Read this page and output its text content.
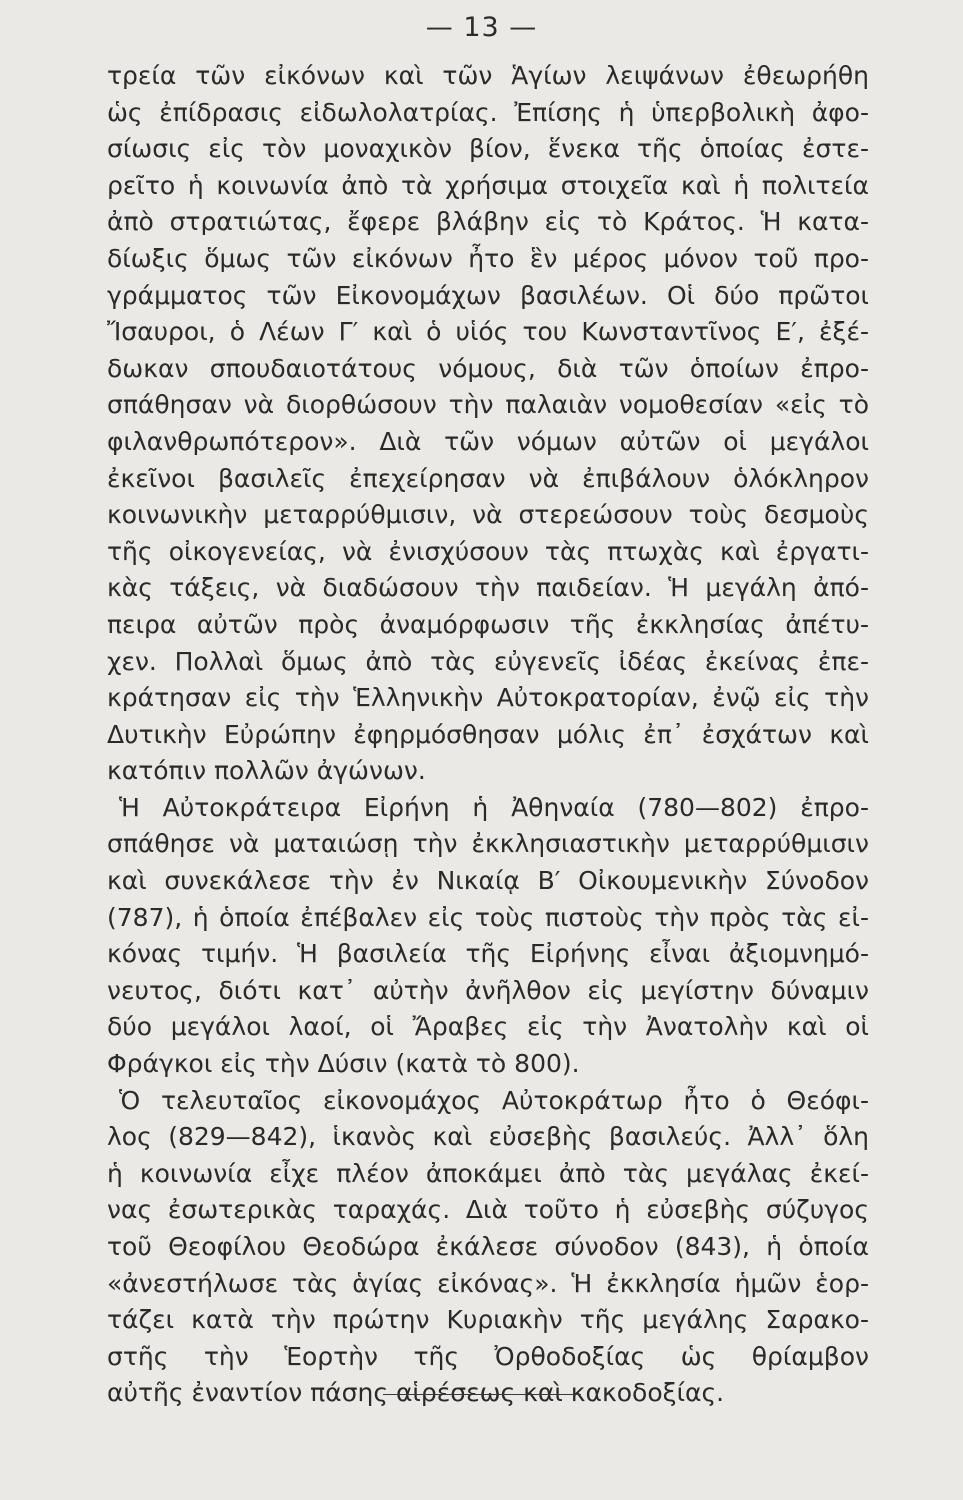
— 13 —
τρεία τῶν εἰκόνων καὶ τῶν Ἁγίων λειψάνων ἐθεωρήθη
ὡς ἐπίδρασις εἰδωλολατρίας. Ἐπίσης ἡ ὑπερβολικὴ ἀφο-
σίωσις εἰς τὸν μοναχικὸν βίον, ἕνεκα τῆς ὁποίας ἐστε-
ρεῖτο ἡ κοινωνία ἀπὸ τὰ χρήσιμα στοιχεῖα καὶ ἡ πολιτεία
ἀπὸ στρατιώτας, ἔφερε βλάβην εἰς τὸ Κράτος. Ἡ κατα-
δίωξις ὅμως τῶν εἰκόνων ἦτο ἓν μέρος μόνον τοῦ προ-
γράμματος τῶν Εἰκονομάχων βασιλέων. Οἱ δύο πρῶτοι
Ἴσαυροι, ὁ Λέων Γ′ καὶ ὁ υἱός του Κωνσταντῖνος Ε′, ἐξέ-
δωκαν σπουδαιοτάτους νόμους, διὰ τῶν ὁποίων ἐπρο-
σπάθησαν νὰ διορθώσουν τὴν παλαιὰν νομοθεσίαν «εἰς τὸ
φιλανθρωπότερον». Διὰ τῶν νόμων αὐτῶν οἱ μεγάλοι
ἐκεῖνοι βασιλεῖς ἐπεχείρησαν νὰ ἐπιβάλουν ὁλόκληρον
κοινωνικὴν μεταρρύθμισιν, νὰ στερεώσουν τοὺς δεσμοὺς
τῆς οἰκογενείας, νὰ ἐνισχύσουν τὰς πτωχὰς καὶ ἐργατι-
κὰς τάξεις, νὰ διαδώσουν τὴν παιδείαν. Ἡ μεγάλη ἀπό-
πειρα αὐτῶν πρὸς ἀναμόρφωσιν τῆς ἐκκλησίας ἀπέτυ-
χεν. Πολλαὶ ὅμως ἀπὸ τὰς εὐγενεῖς ἰδέας ἐκείνας ἐπε-
κράτησαν εἰς τὴν Ἑλληνικὴν Αὐτοκρατορίαν, ἐνῷ εἰς τὴν
Δυτικὴν Εὐρώπην ἐφηρμόσθησαν μόλις ἐπ᾽ ἐσχάτων καὶ
κατόπιν πολλῶν ἀγώνων.
Ἡ Αὐτοκράτειρα Εἰρήνη ἡ Ἀθηναία (780—802) ἐπρο-
σπάθησε νὰ ματαιώσῃ τὴν ἐκκλησιαστικὴν μεταρρύθμισιν
καὶ συνεκάλεσε τὴν ἐν Νικαίᾳ Β′ Οἰκουμενικὴν Σύνοδον
(787), ἡ ὁποία ἐπέβαλεν εἰς τοὺς πιστοὺς τὴν πρὸς τὰς εἰ-
κόνας τιμήν. Ἡ βασιλεία τῆς Εἰρήνης εἶναι ἀξιομνημό-
νευτος, διότι κατ᾽ αὐτὴν ἀνῆλθον εἰς μεγίστην δύναμιν
δύο μεγάλοι λαοί, οἱ Ἄραβες εἰς τὴν Ἀνατολὴν καὶ οἱ
Φράγκοι εἰς τὴν Δύσιν (κατὰ τὸ 800).
Ὁ τελευταῖος εἰκονομάχος Αὐτοκράτωρ ἦτο ὁ Θεόφι-
λος (829—842), ἱκανὸς καὶ εὐσεβὴς βασιλεύς. Ἀλλ᾽ ὅλη
ἡ κοινωνία εἶχε πλέον ἀποκάμει ἀπὸ τὰς μεγάλας ἐκεί-
νας ἐσωτερικὰς ταραχάς. Διὰ τοῦτο ἡ εὐσεβὴς σύζυγος
τοῦ Θεοφίλου Θεοδώρα ἐκάλεσε σύνοδον (843), ἡ ὁποία
«ἀνεστήλωσε τὰς ἁγίας εἰκόνας». Ἡ ἐκκλησία ἡμῶν ἑορ-
τάζει κατὰ τὴν πρώτην Κυριακὴν τῆς μεγάλης Σαρακο-
στῆς τὴν Ἑορτὴν τῆς Ὀρθοδοξίας ὡς θρίαμβον
αὐτῆς ἐναντίον πάσης αἱρέσεως καὶ κακοδοξίας.
